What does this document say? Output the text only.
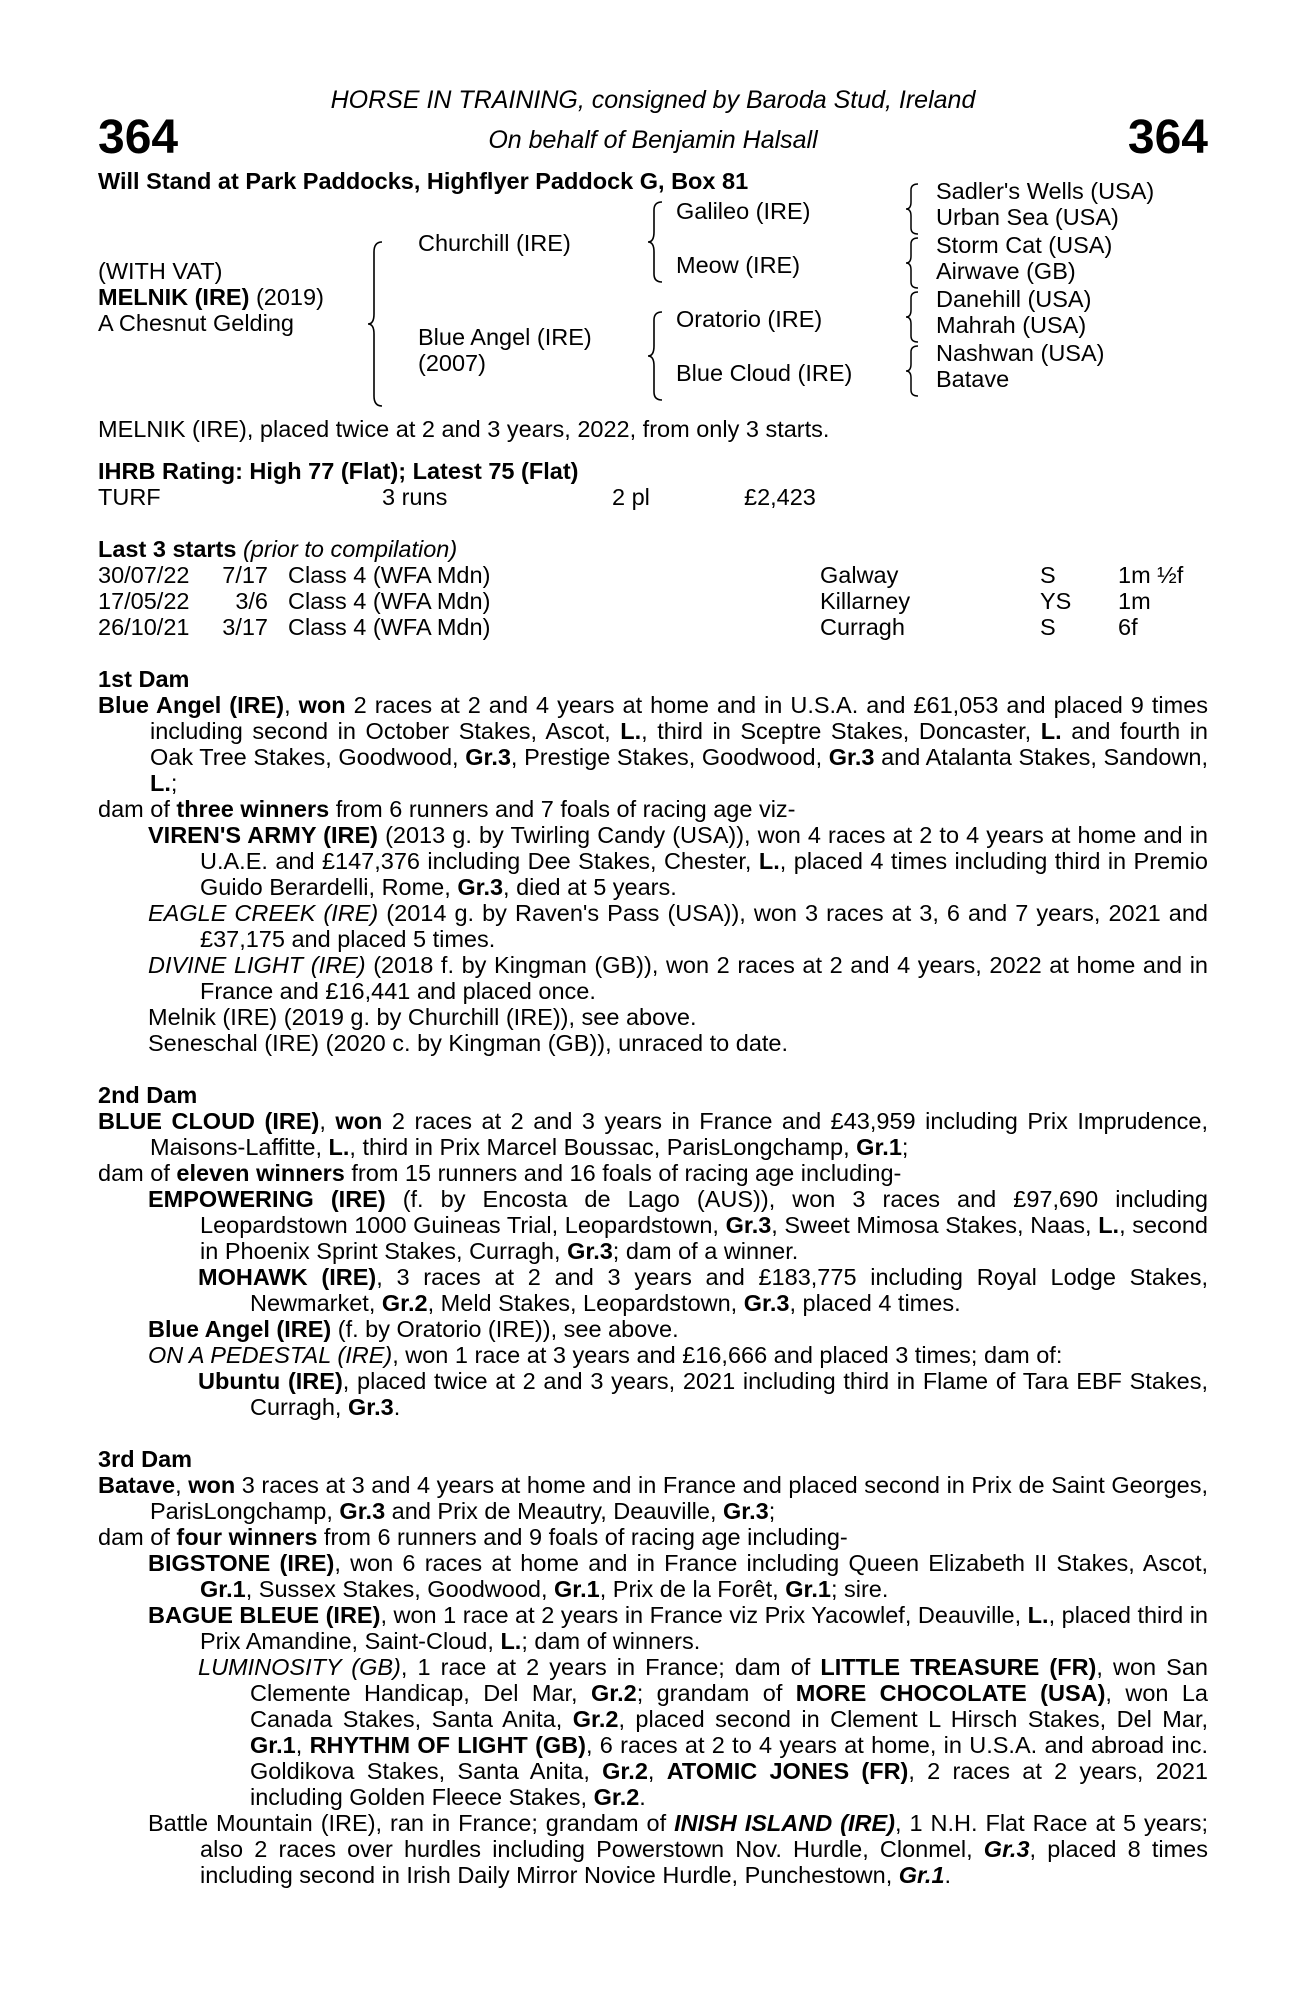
HORSE IN TRAINING, consigned by Baroda Stud, Ireland
On behalf of Benjamin Halsall
364	364
Will Stand at Park Paddocks, Highflyer Paddock G, Box 81
(WITH VAT)
MELNIK (IRE) (2019)
A Chesnut Gelding
Churchill (IRE)
Blue Angel (IRE)
(2007)
Galileo (IRE)
Meow (IRE)
Oratorio (IRE)
Blue Cloud (IRE)
Sadler's Wells (USA)
Urban Sea (USA)
Storm Cat (USA)
Airwave (GB)
Danehill (USA)
Mahrah (USA)
Nashwan (USA)
Batave
MELNIK (IRE), placed twice at 2 and 3 years, 2022, from only 3 starts.
IHRB Rating: High 77 (Flat); Latest 75 (Flat)
TURF	3 runs	2 pl	£2,423
Last 3 starts (prior to compilation)
30/07/22	7/17 Class 4 (WFA Mdn)	Galway	S	1m ½f
17/05/22	3/6 Class 4 (WFA Mdn)	Killarney	YS 1m
26/10/21	3/17 Class 4 (WFA Mdn)	Curragh	S	6f
1st Dam
Blue Angel (IRE), won 2 races at 2 and 4 years at home and in U.S.A. and £61,053 and placed 9 times including second in October Stakes, Ascot, L., third in Sceptre Stakes, Doncaster, L. and fourth in Oak Tree Stakes, Goodwood, Gr.3, Prestige Stakes, Goodwood, Gr.3 and Atalanta Stakes, Sandown, L.;
dam of three winners from 6 runners and 7 foals of racing age viz-
VIREN'S ARMY (IRE) (2013 g. by Twirling Candy (USA)), won 4 races at 2 to 4 years at home and in U.A.E. and £147,376 including Dee Stakes, Chester, L., placed 4 times including third in Premio Guido Berardelli, Rome, Gr.3, died at 5 years.
EAGLE CREEK (IRE) (2014 g. by Raven's Pass (USA)), won 3 races at 3, 6 and 7 years, 2021 and £37,175 and placed 5 times.
DIVINE LIGHT (IRE) (2018 f. by Kingman (GB)), won 2 races at 2 and 4 years, 2022 at home and in France and £16,441 and placed once.
Melnik (IRE) (2019 g. by Churchill (IRE)), see above.
Seneschal (IRE) (2020 c. by Kingman (GB)), unraced to date.
2nd Dam
BLUE CLOUD (IRE), won 2 races at 2 and 3 years in France and £43,959 including Prix Imprudence, Maisons-Laffitte, L., third in Prix Marcel Boussac, ParisLongchamp, Gr.1;
dam of eleven winners from 15 runners and 16 foals of racing age including-
EMPOWERING (IRE) (f. by Encosta de Lago (AUS)), won 3 races and £97,690 including Leopardstown 1000 Guineas Trial, Leopardstown, Gr.3, Sweet Mimosa Stakes, Naas, L., second in Phoenix Sprint Stakes, Curragh, Gr.3; dam of a winner.
MOHAWK (IRE), 3 races at 2 and 3 years and £183,775 including Royal Lodge Stakes, Newmarket, Gr.2, Meld Stakes, Leopardstown, Gr.3, placed 4 times.
Blue Angel (IRE) (f. by Oratorio (IRE)), see above.
ON A PEDESTAL (IRE), won 1 race at 3 years and £16,666 and placed 3 times; dam of:
Ubuntu (IRE), placed twice at 2 and 3 years, 2021 including third in Flame of Tara EBF Stakes, Curragh, Gr.3.
3rd Dam
Batave, won 3 races at 3 and 4 years at home and in France and placed second in Prix de Saint Georges, ParisLongchamp, Gr.3 and Prix de Meautry, Deauville, Gr.3;
dam of four winners from 6 runners and 9 foals of racing age including-
BIGSTONE (IRE), won 6 races at home and in France including Queen Elizabeth II Stakes, Ascot, Gr.1, Sussex Stakes, Goodwood, Gr.1, Prix de la Forêt, Gr.1; sire.
BAGUE BLEUE (IRE), won 1 race at 2 years in France viz Prix Yacowlef, Deauville, L., placed third in Prix Amandine, Saint-Cloud, L.; dam of winners.
LUMINOSITY (GB), 1 race at 2 years in France; dam of LITTLE TREASURE (FR), won San Clemente Handicap, Del Mar, Gr.2; grandam of MORE CHOCOLATE (USA), won La Canada Stakes, Santa Anita, Gr.2, placed second in Clement L Hirsch Stakes, Del Mar, Gr.1, RHYTHM OF LIGHT (GB), 6 races at 2 to 4 years at home, in U.S.A. and abroad inc. Goldikova Stakes, Santa Anita, Gr.2, ATOMIC JONES (FR), 2 races at 2 years, 2021 including Golden Fleece Stakes, Gr.2.
Battle Mountain (IRE), ran in France; grandam of INISH ISLAND (IRE), 1 N.H. Flat Race at 5 years; also 2 races over hurdles including Powerstown Nov. Hurdle, Clonmel, Gr.3, placed 8 times including second in Irish Daily Mirror Novice Hurdle, Punchestown, Gr.1.
